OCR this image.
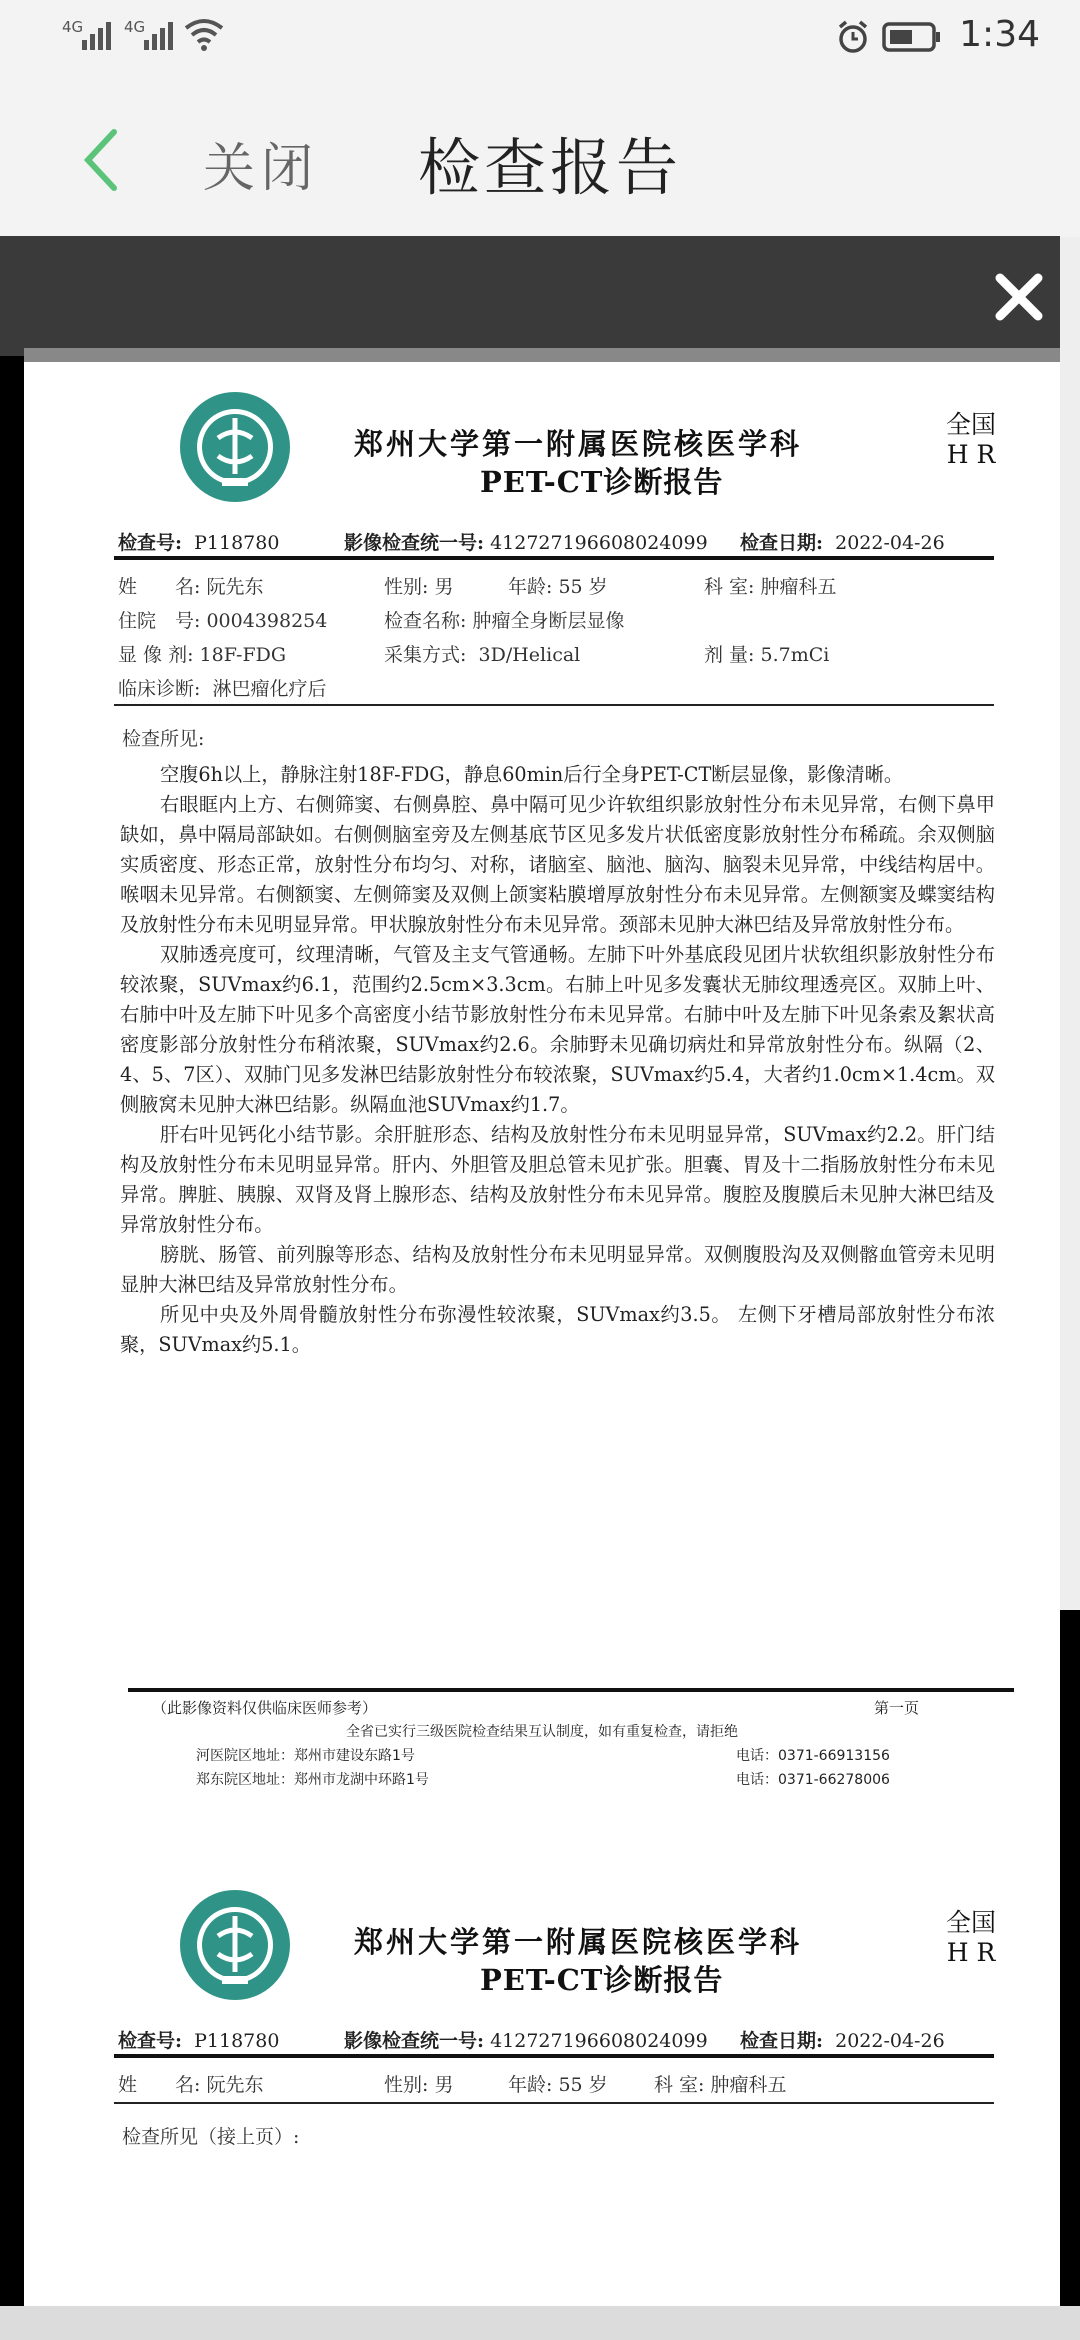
4G	4G	1:34
关闭 检查报告
郑州大学第一附属医院核医学科
PET-CT诊断报告
全国
H R
检查号: P118780	影像检查统一号: 412727196608024099 检查日期: 2022-04-26
姓　　名: 阮先东	性别: 男	年龄: 55 岁	科 室: 肿瘤科五
住院　号: 0004398254	检查名称: 肿瘤全身断层显像
显 像 剂: 18F-FDG	采集方式: 3D/Helical	剂 量: 5.7mCi
临床诊断: 淋巴瘤化疗后
检查所见:
郑州大学第一附属医院核医学科
PET-CT诊断报告
全国
H R
检查号: P118780	影像检查统一号: 412727196608024099 检查日期: 2022-04-26
姓　　名: 阮先东	性别: 男	年龄: 55 岁 科 室: 肿瘤科五
检查所见（接上页）:

空腹6h以上，静脉注射18F-FDG，静息60min后行全身PET-CT断层显像，影像清晰。

右眼眶内上方、右侧筛窦、右侧鼻腔、鼻中隔可见少许软组织影放射性分布未见异常，右侧下鼻甲缺如，鼻中隔局部缺如。右侧侧脑室旁及左侧基底节区见多发片状低密度影放射性分布稀疏。余双侧脑实质密度、形态正常，放射性分布均匀、对称，诸脑室、脑池、脑沟、脑裂未见异常，中线结构居中。喉咽未见异常。右侧额窦、左侧筛窦及双侧上颌窦粘膜增厚放射性分布未见异常。左侧额窦及蝶窦结构及放射性分布未见明显异常。甲状腺放射性分布未见异常。颈部未见肿大淋巴结及异常放射性分布。

双肺透亮度可，纹理清晰，气管及主支气管通畅。左肺下叶外基底段见团片状软组织影放射性分布较浓聚，SUVmax约6.1，范围约2.5cm×3.3cm。右肺上叶见多发囊状无肺纹理透亮区。双肺上叶、右肺中叶及左肺下叶见多个高密度小结节影放射性分布未见异常。右肺中叶及左肺下叶见条索及絮状高密度影部分放射性分布稍浓聚，SUVmax约2.6。余肺野未见确切病灶和异常放射性分布。纵隔（2、4、5、7区）、双肺门见多发淋巴结影放射性分布较浓聚，SUVmax约5.4，大者约1.0cm×1.4cm。双侧腋窝未见肿大淋巴结影。纵隔血池SUVmax约1.7。

肝右叶见钙化小结节影。余肝脏形态、结构及放射性分布未见明显异常，SUVmax约2.2。肝门结构及放射性分布未见明显异常。肝内、外胆管及胆总管未见扩张。胆囊、胃及十二指肠放射性分布未见异常。脾脏、胰腺、双肾及肾上腺形态、结构及放射性分布未见异常。腹腔及腹膜后未见肿大淋巴结及异常放射性分布。

膀胱、肠管、前列腺等形态、结构及放射性分布未见明显异常。双侧腹股沟及双侧髂血管旁未见明显肿大淋巴结及异常放射性分布。

所见中央及外周骨髓放射性分布弥漫性较浓聚，SUVmax约3.5。 左侧下牙槽局部放射性分布浓聚，SUVmax约5.1。

（此影像资料仅供临床医师参考）	第一页
全省已实行三级医院检查结果互认制度，如有重复检查，请拒绝
河医院区地址：郑州市建设东路1号	电话：0371-66913156
郑东院区地址：郑州市龙湖中环路1号	电话：0371-66278006
